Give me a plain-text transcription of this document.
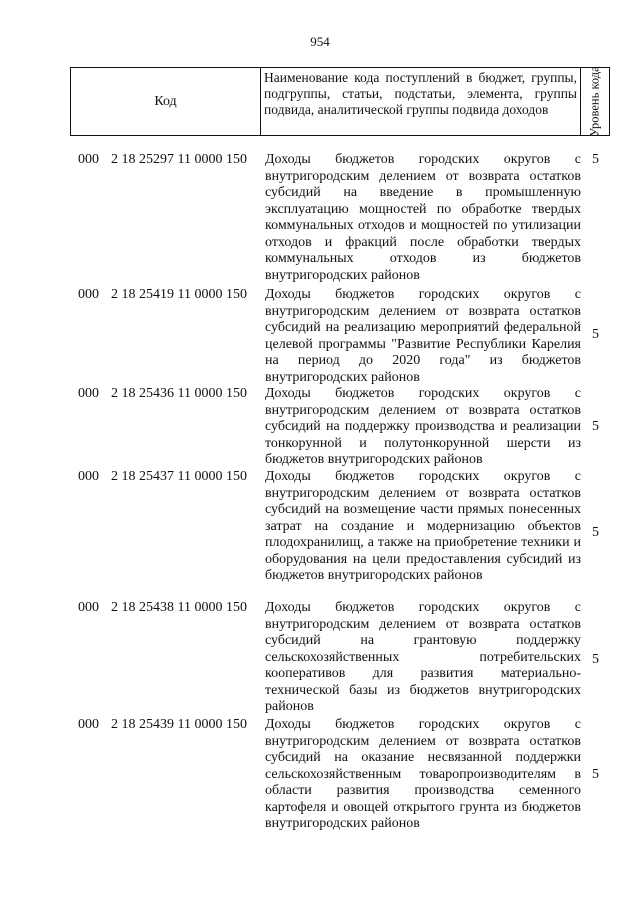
954
Код
Наименование кода поступлений в бюджет, группы, подгруппы, статьи, подстатьи, элемента, группы подвида, аналитической группы подвида доходов	Уровень кода
000 2 18 25297 11 0000 150 Доходы бюджетов городских округов с внутригородским делением от возврата остатков субсидий на введение в промышленную эксплуатацию мощностей по обработке твердых коммунальных отходов и мощностей по утилизации отходов и фракций после обработки твердых коммунальных отходов из бюджетов внутригородских районов
5
000 2 18 25419 11 0000 150 Доходы бюджетов городских округов с внутригородским делением от возврата остатков субсидий на реализацию мероприятий федеральной целевой программы "Развитие Республики Карелия на период до 2020 года" из бюджетов внутригородских районов
5
000 2 18 25436 11 0000 150 Доходы бюджетов городских округов с внутригородским делением от возврата остатков субсидий на поддержку производства и реализации тонкорунной и полутонкорунной шерсти из бюджетов внутригородских районов
5
000 2 18 25437 11 0000 150 Доходы бюджетов городских округов с внутригородским делением от возврата остатков субсидий на возмещение части прямых понесенных затрат на создание и модернизацию объектов плодохранилищ, а также на приобретение техники и оборудования на цели предоставления субсидий из бюджетов внутригородских районов
5
000 2 18 25438 11 0000 150 Доходы бюджетов городских округов с внутригородским делением от возврата остатков субсидий на грантовую поддержку сельскохозяйственных потребительских кооперативов для развития материально-технической базы из бюджетов внутригородских районов
5
000 2 18 25439 11 0000 150 Доходы бюджетов городских округов с внутригородским делением от возврата остатков субсидий на оказание несвязанной поддержки сельскохозяйственным товаропроизводителям в области развития производства семенного картофеля и овощей открытого грунта из бюджетов внутригородских районов
5
